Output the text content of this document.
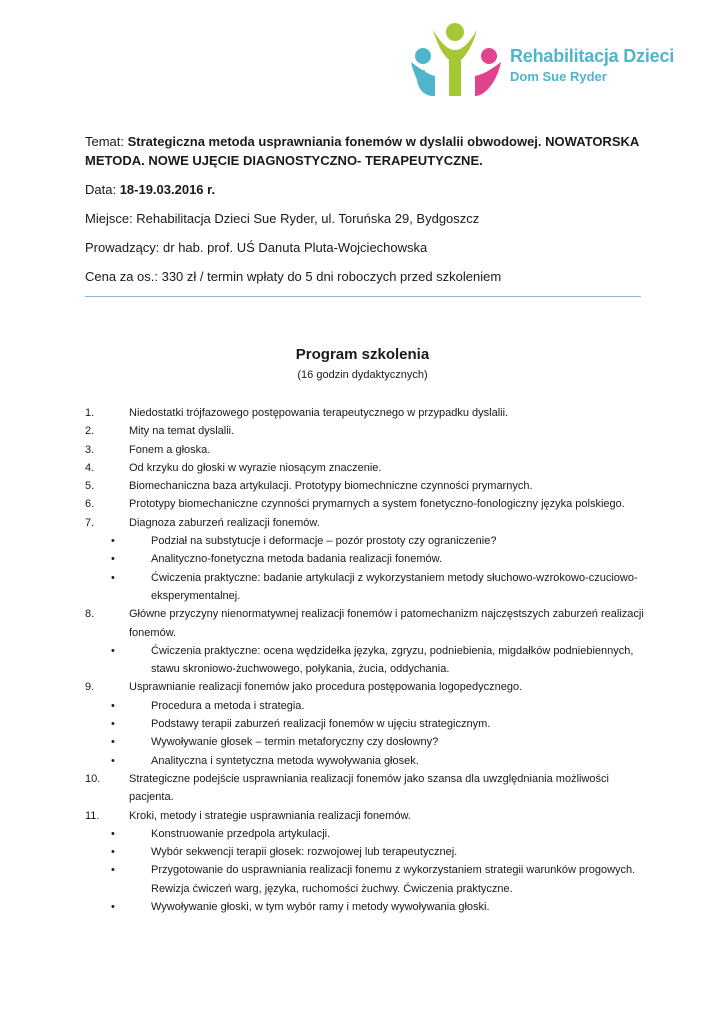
Rehabilitacja Dzieci
Dom Sue Ryder

Temat: Strategiczna metoda usprawniania fonemów w dyslalii obwodowej. NOWATORSKA METODA. NOWE UJĘCIE DIAGNOSTYCZNO- TERAPEUTYCZNE.

Data: 18-19.03.2016 r.

Miejsce: Rehabilitacja Dzieci Sue Ryder, ul. Toruńska 29, Bydgoszcz

Prowadzący: dr hab. prof. UŚ Danuta Pluta-Wojciechowska

Cena za os.: 330 zł / termin wpłaty do 5 dni roboczych przed szkoleniem

Program szkolenia
(16 godzin dydaktycznych)
1.	Niedostatki trójfazowego postępowania terapeutycznego w przypadku dyslalii.
2.	Mity na temat dyslalii.
3.	Fonem a głoska.
4.	Od krzyku do głoski w wyrazie niosącym znaczenie.
5.	Biomechaniczna baza artykulacji. Prototypy biomechniczne czynności prymarnych.
6.	Prototypy biomechaniczne czynności prymarnych a system fonetyczno-fonologiczny języka polskiego.
7.	Diagnoza zaburzeń realizacji fonemów.
•	Podział na substytucje i deformacje – pozór prostoty czy ograniczenie?
•	Analityczno-fonetyczna metoda badania realizacji fonemów.
•	Ćwiczenia praktyczne: badanie artykulacji z wykorzystaniem metody słuchowo-wzrokowo-czuciowo-eksperymentalnej.
8.	Główne przyczyny nienormatywnej realizacji fonemów i patomechanizm najczęstszych zaburzeń realizacji fonemów.
•	Ćwiczenia praktyczne: ocena wędzidełka języka, zgryzu, podniebienia, migdałków podniebiennych, stawu skroniowo-żuchwowego, połykania, żucia, oddychania.
9.	Usprawnianie realizacji fonemów jako procedura postępowania logopedycznego.
•	Procedura a metoda i strategia.
•	Podstawy terapii zaburzeń realizacji fonemów w ujęciu strategicznym.
•	Wywoływanie głosek – termin metaforyczny czy dosłowny?
•	Analityczna i syntetyczna metoda wywoływania głosek.
10.	Strategiczne podejście usprawniania realizacji fonemów jako szansa dla uwzględniania możliwości pacjenta.
11.	Kroki, metody i strategie usprawniania realizacji fonemów.
•	Konstruowanie przedpola artykulacji.
•	Wybór sekwencji terapii głosek: rozwojowej lub terapeutycznej.
•	Przygotowanie do usprawniania realizacji fonemu z wykorzystaniem strategii warunków progowych. Rewizja ćwiczeń warg, języka, ruchomości żuchwy. Ćwiczenia praktyczne.
•	Wywoływanie głoski, w tym wybór ramy i metody wywoływania głoski.
